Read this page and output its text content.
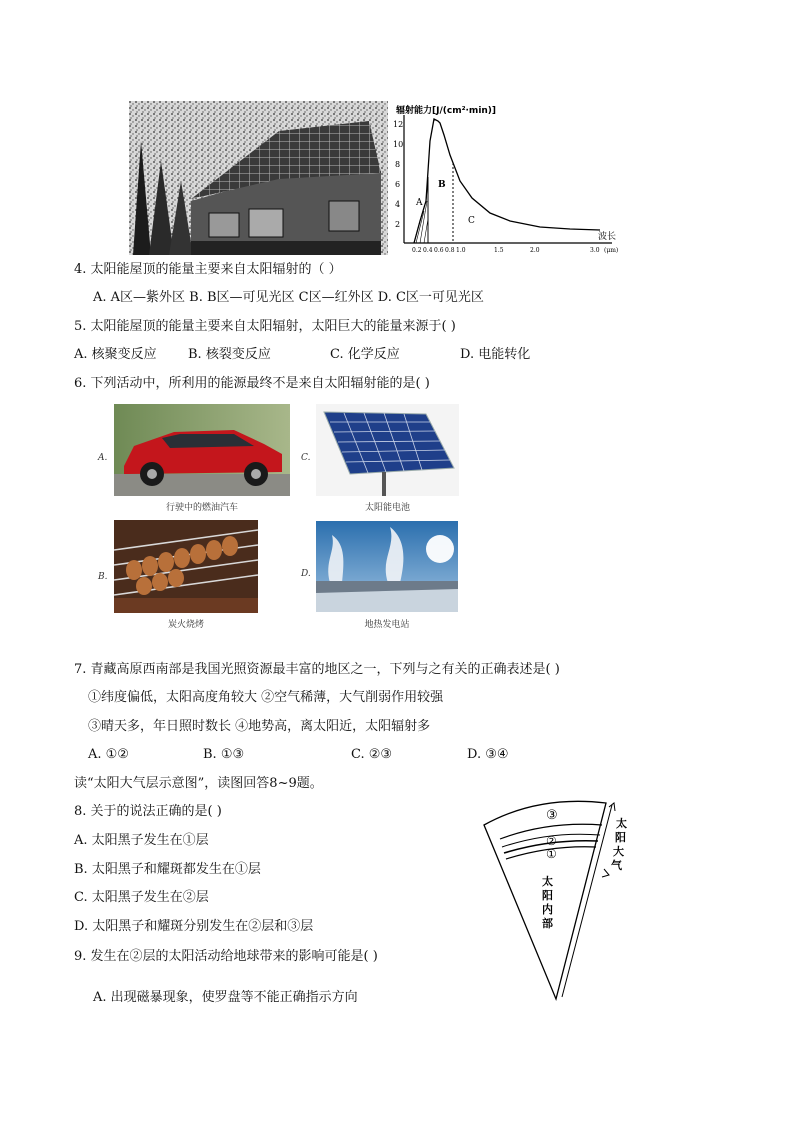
12
10
8
6
4
2
辐射能力[J/(cm²·min)]
A
B
C
0.2 0.4 0.6 0.8 1.0	1.5	2.0	3.0 (μm)
波长
4. 太阳能屋顶的能量主要来自太阳辐射的（ ）
A. A区—紫外区 B. B区—可见光区 C区—红外区 D. C区一可见光区
5. 太阳能屋顶的能量主要来自太阳辐射，太阳巨大的能量来源于( )
A. 核聚变反应 B. 核裂变反应	C. 化学反应	D. 电能转化
6. 下列活动中，所利用的能源最终不是来自太阳辐射能的是( )
A.
行驶中的燃油汽车
C.
太阳能电池
B.
炭火烧烤
D.
地热发电站
7. 青藏高原西南部是我国光照资源最丰富的地区之一，下列与之有关的正确表述是( )
①纬度偏低，太阳高度角较大 ②空气稀薄，大气削弱作用较强
③晴天多，年日照时数长 ④地势高，离太阳近，太阳辐射多
A. ①②	B. ①③	C. ②③	D. ③④
读“太阳大气层示意图”，读图回答8~9题。
8. 关于的说法正确的是( )
A. 太阳黑子发生在①层
B. 太阳黑子和耀斑都发生在①层
C. 太阳黑子发生在②层
D. 太阳黑子和耀斑分别发生在②层和③层
9. 发生在②层的太阳活动给地球带来的影响可能是( )
A. 出现磁暴现象，使罗盘等不能正确指示方向
③
②
①
太
阳
内
部
太
阳
大
气
